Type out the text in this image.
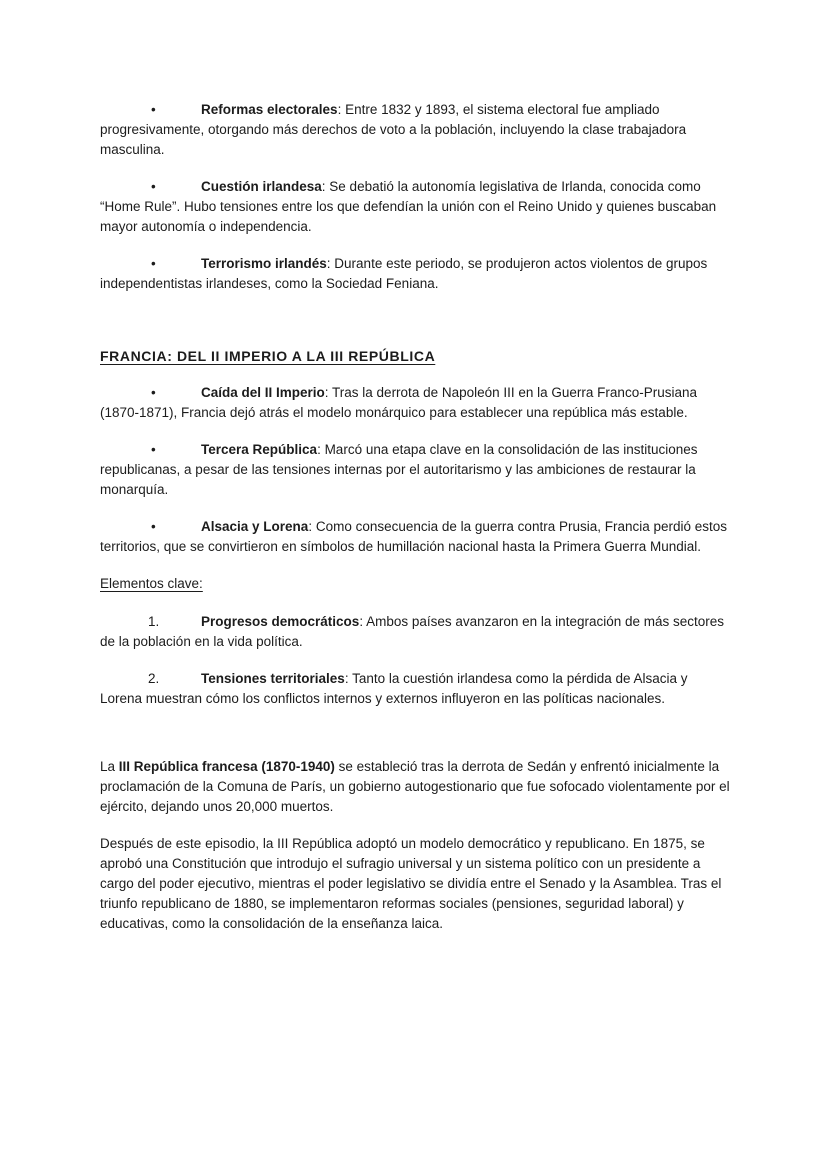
•	Reformas electorales: Entre 1832 y 1893, el sistema electoral fue ampliado progresivamente, otorgando más derechos de voto a la población, incluyendo la clase trabajadora masculina.

•	Cuestión irlandesa: Se debatió la autonomía legislativa de Irlanda, conocida como “Home Rule”. Hubo tensiones entre los que defendían la unión con el Reino Unido y quienes buscaban mayor autonomía o independencia.

•	Terrorismo irlandés: Durante este periodo, se produjeron actos violentos de grupos independentistas irlandeses, como la Sociedad Feniana.

FRANCIA: DEL II IMPERIO A LA III REPÚBLICA

•	Caída del II Imperio: Tras la derrota de Napoleón III en la Guerra Franco-Prusiana (1870-1871), Francia dejó atrás el modelo monárquico para establecer una república más estable.

•	Tercera República: Marcó una etapa clave en la consolidación de las instituciones republicanas, a pesar de las tensiones internas por el autoritarismo y las ambiciones de restaurar la monarquía.

•	Alsacia y Lorena: Como consecuencia de la guerra contra Prusia, Francia perdió estos territorios, que se convirtieron en símbolos de humillación nacional hasta la Primera Guerra Mundial.

Elementos clave:

1.	Progresos democráticos: Ambos países avanzaron en la integración de más sectores de la población en la vida política.

2.	Tensiones territoriales: Tanto la cuestión irlandesa como la pérdida de Alsacia y Lorena muestran cómo los conflictos internos y externos influyeron en las políticas nacionales.

La III República francesa (1870-1940) se estableció tras la derrota de Sedán y enfrentó inicialmente la proclamación de la Comuna de París, un gobierno autogestionario que fue sofocado violentamente por el ejército, dejando unos 20,000 muertos.

Después de este episodio, la III República adoptó un modelo democrático y republicano. En 1875, se aprobó una Constitución que introdujo el sufragio universal y un sistema político con un presidente a cargo del poder ejecutivo, mientras el poder legislativo se dividía entre el Senado y la Asamblea. Tras el triunfo republicano de 1880, se implementaron reformas sociales (pensiones, seguridad laboral) y educativas, como la consolidación de la enseñanza laica.
